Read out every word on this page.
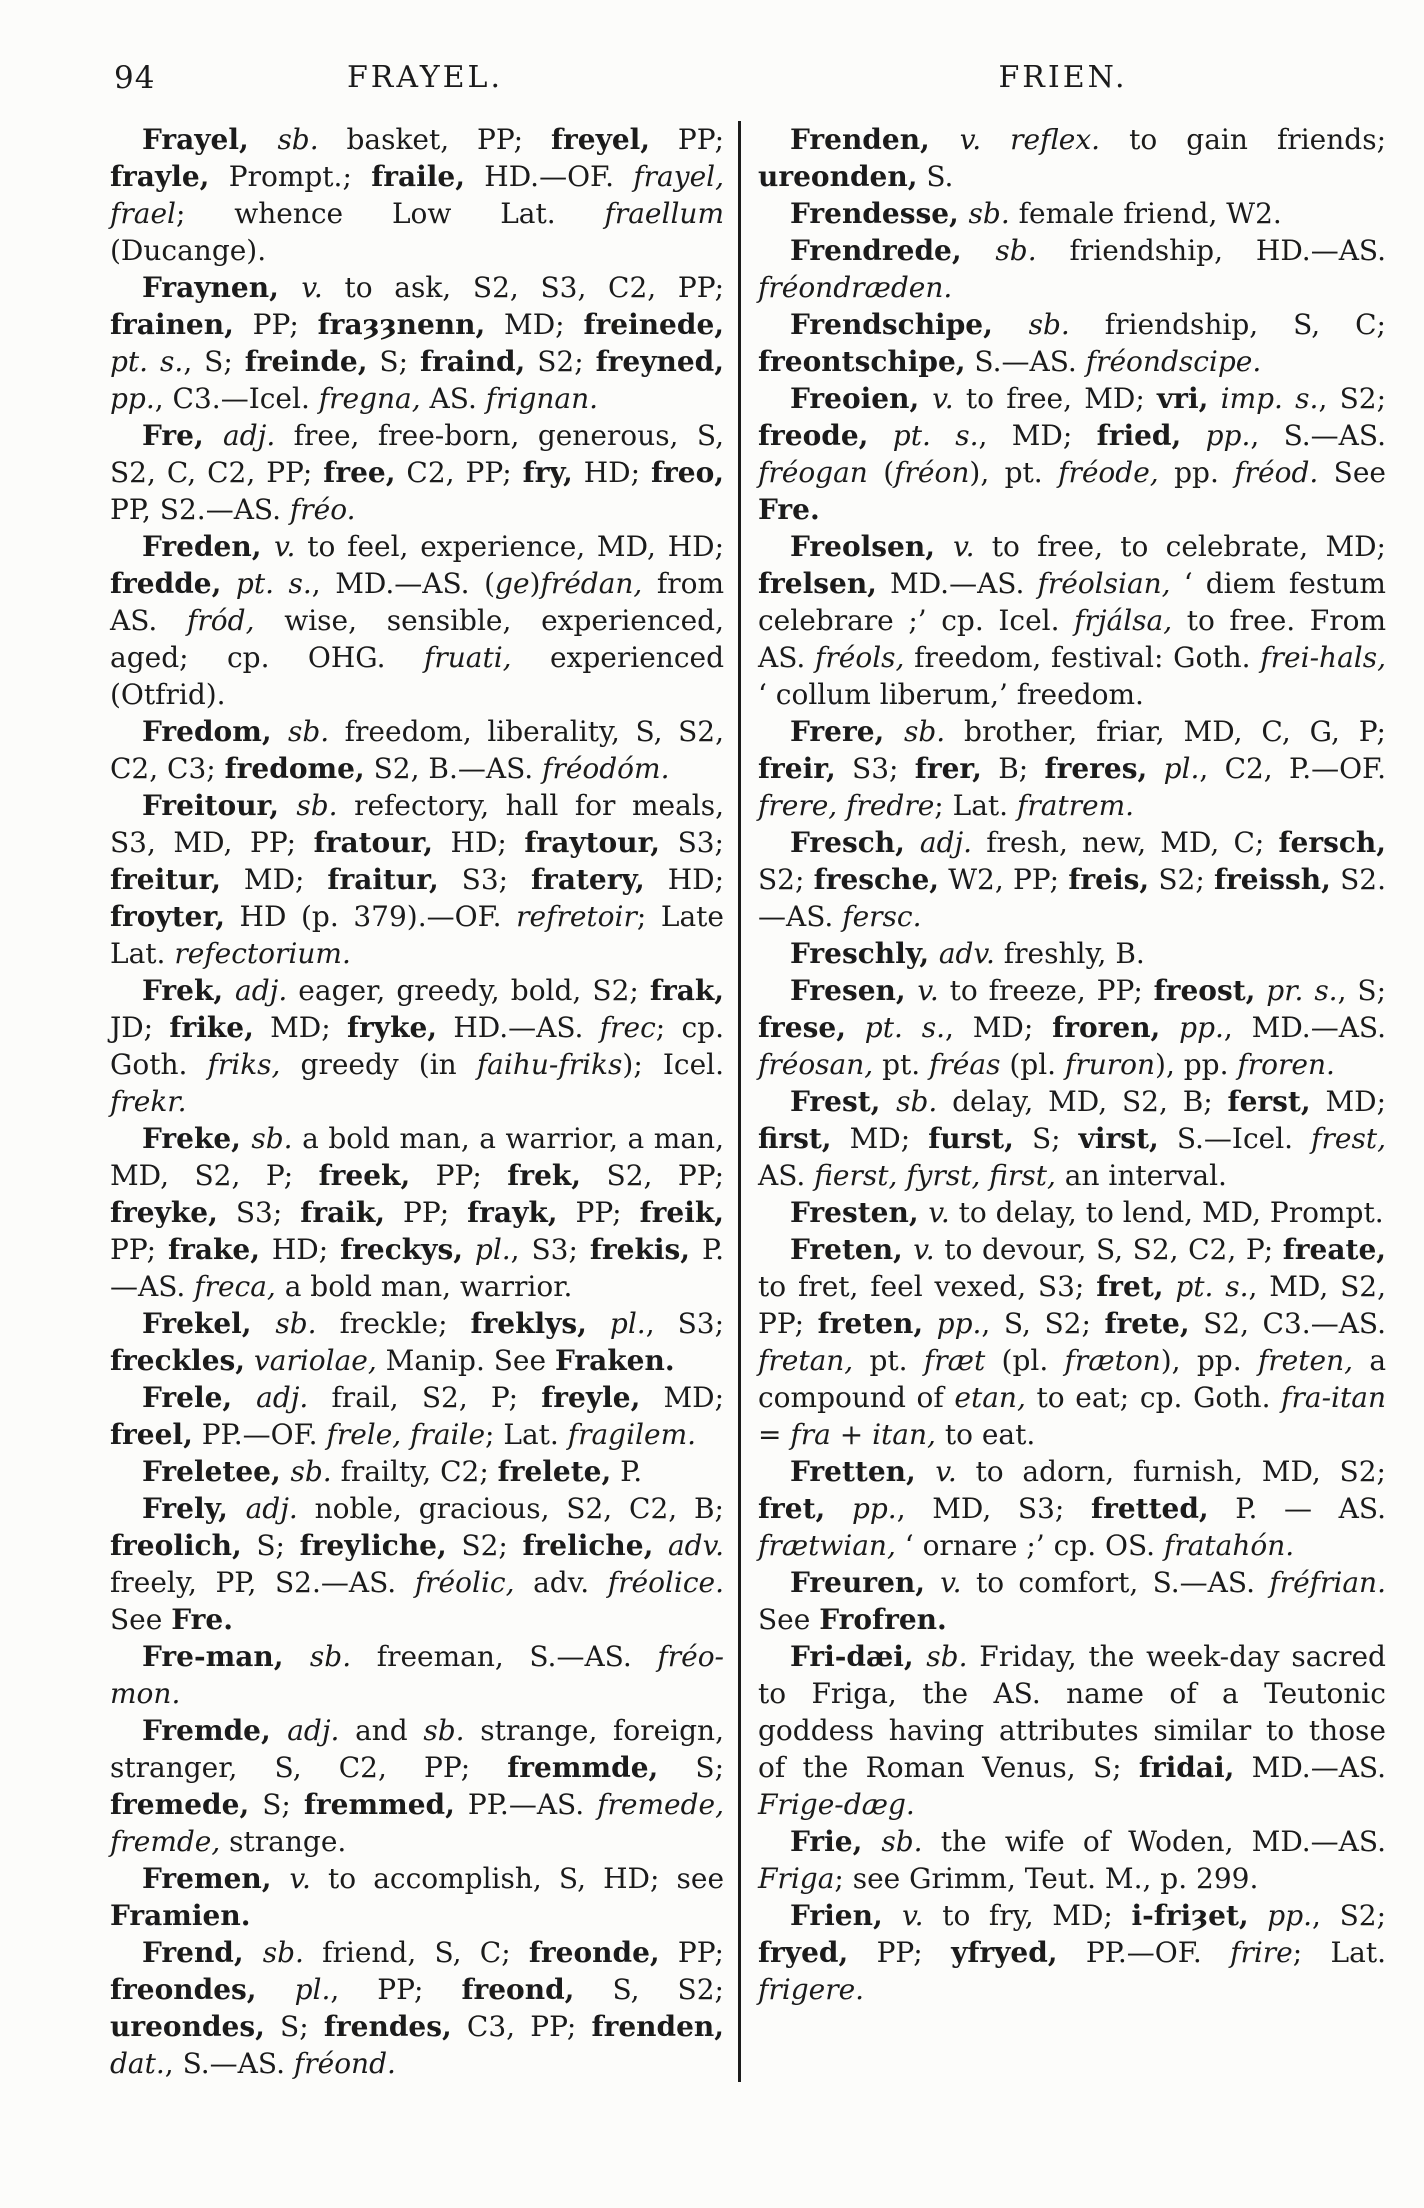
94	FRAYEL.	FRIEN.

Frayel, sb. basket, PP; freyel, PP; frayle, Prompt.; fraile, HD.—OF. frayel, frael; whence Low Lat. fraellum (Ducange).

Fraynen, v. to ask, S2, S3, C2, PP; frainen, PP; fraȝȝnenn, MD; freinede, pt. s., S; freinde, S; fraind, S2; freyned, pp., C3.—Icel. fregna, AS. frignan.

Fre, adj. free, free-born, generous, S, S2, C, C2, PP; free, C2, PP; fry, HD; freo, PP, S2.—AS. fréo.

Freden, v. to feel, experience, MD, HD; fredde, pt. s., MD.—AS. (ge)frédan, from AS. fród, wise, sensible, experienced, aged; cp. OHG. fruati, experienced (Otfrid).

Fredom, sb. freedom, liberality, S, S2, C2, C3; fredome, S2, B.—AS. fréodóm.

Freitour, sb. refectory, hall for meals, S3, MD, PP; fratour, HD; fraytour, S3; freitur, MD; fraitur, S3; fratery, HD; froyter, HD (p. 379).—OF. refretoir; Late Lat. refectorium.

Frek, adj. eager, greedy, bold, S2; frak, JD; frike, MD; fryke, HD.—AS. frec; cp. Goth. friks, greedy (in faihu-friks); Icel. frekr.

Freke, sb. a bold man, a warrior, a man, MD, S2, P; freek, PP; frek, S2, PP; freyke, S3; fraik, PP; frayk, PP; freik, PP; frake, HD; freckys, pl., S3; frekis, P.—AS. freca, a bold man, warrior.

Frekel, sb. freckle; freklys, pl., S3; freckles, variolae, Manip. See Fraken.

Frele, adj. frail, S2, P; freyle, MD; freel, PP.—OF. frele, fraile; Lat. fragilem.

Freletee, sb. frailty, C2; frelete, P.

Frely, adj. noble, gracious, S2, C2, B; freolich, S; freyliche, S2; freliche, adv. freely, PP, S2.—AS. fréolic, adv. fréolice. See Fre.

Fre-man, sb. freeman, S.—AS. fréo-mon.

Fremde, adj. and sb. strange, foreign, stranger, S, C2, PP; fremmde, S; fremede, S; fremmed, PP.—AS. fremede, fremde, strange.

Fremen, v. to accomplish, S, HD; see Framien.

Frend, sb. friend, S, C; freonde, PP; freondes, pl., PP; freond, S, S2; ureondes, S; frendes, C3, PP; frenden, dat., S.—AS. fréond.

Frenden, v. reflex. to gain friends; ureonden, S.

Frendesse, sb. female friend, W2.

Frendrede, sb. friendship, HD.—AS. fréondræden.

Frendschipe, sb. friendship, S, C; freontschipe, S.—AS. fréondscipe.

Freoien, v. to free, MD; vri, imp. s., S2; freode, pt. s., MD; fried, pp., S.—AS. fréogan (fréon), pt. fréode, pp. fréod. See Fre.

Freolsen, v. to free, to celebrate, MD; frelsen, MD.—AS. fréolsian, ‘ diem festum celebrare ;’ cp. Icel. frjálsa, to free. From AS. fréols, freedom, festival: Goth. frei-hals, ‘ collum liberum,’ freedom.

Frere, sb. brother, friar, MD, C, G, P; freir, S3; frer, B; freres, pl., C2, P.—OF. frere, fredre; Lat. fratrem.

Fresch, adj. fresh, new, MD, C; fersch, S2; fresche, W2, PP; freis, S2; freissh, S2.—AS. fersc.

Freschly, adv. freshly, B.

Fresen, v. to freeze, PP; freost, pr. s., S; frese, pt. s., MD; froren, pp., MD.—AS. fréosan, pt. fréas (pl. fruron), pp. froren.

Frest, sb. delay, MD, S2, B; ferst, MD; first, MD; furst, S; virst, S.—Icel. frest, AS. fierst, fyrst, first, an interval.

Fresten, v. to delay, to lend, MD, Prompt.

Freten, v. to devour, S, S2, C2, P; freate, to fret, feel vexed, S3; fret, pt. s., MD, S2, PP; freten, pp., S, S2; frete, S2, C3.—AS. fretan, pt. fræt (pl. fræton), pp. freten, a compound of etan, to eat; cp. Goth. fra-itan = fra + itan, to eat.

Fretten, v. to adorn, furnish, MD, S2; fret, pp., MD, S3; fretted, P. — AS. frætwian, ‘ ornare ;’ cp. OS. fratahón.

Freuren, v. to comfort, S.—AS. fréfrian. See Frofren.

Fri-dæi, sb. Friday, the week-day sacred to Friga, the AS. name of a Teutonic goddess having attributes similar to those of the Roman Venus, S; fridai, MD.—AS. Frige-dæg.

Frie, sb. the wife of Woden, MD.—AS. Friga; see Grimm, Teut. M., p. 299.

Frien, v. to fry, MD; i-friȝet, pp., S2; fryed, PP; yfryed, PP.—OF. frire; Lat. frigere.
